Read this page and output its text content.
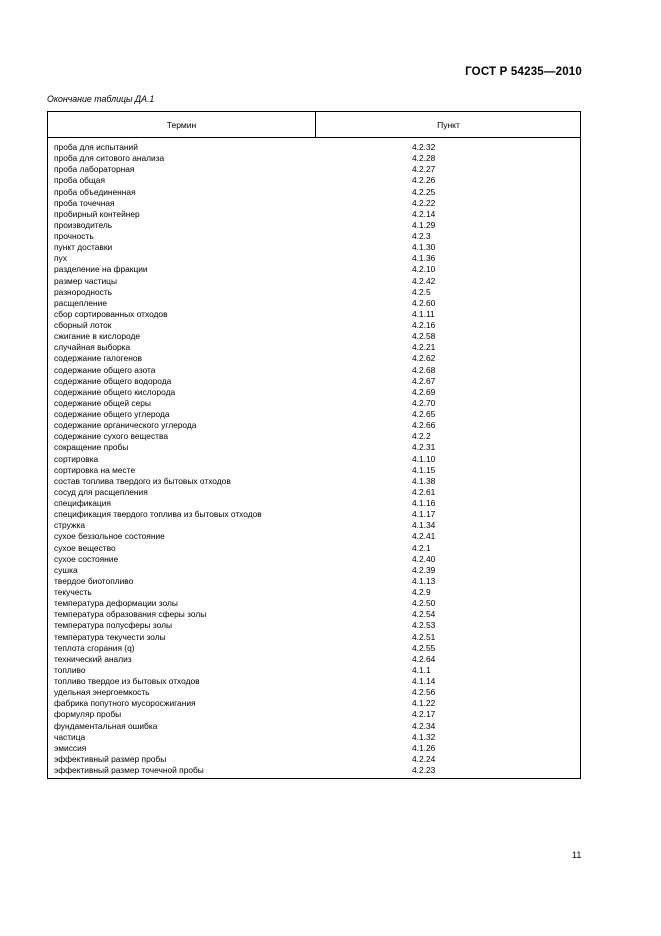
ГОСТ Р 54235—2010
Окончание таблицы ДА.1
Термин	Пункт
проба для испытаний	4.2.32
проба для ситового анализа	4.2.28
проба лабораторная	4.2.27
проба общая	4.2.26
проба объединенная	4.2.25
проба точечная	4.2.22
пробирный контейнер	4.2.14
производитель	4.1.29
прочность	4.2.3
пункт доставки	4.1.30
пух	4.1.36
разделение на фракции	4.2.10
размер частицы	4.2.42
разнородность	4.2.5
расщепление	4.2.60
сбор сортированных отходов	4.1.11
сборный лоток	4.2.16
сжигание в кислороде	4.2.58
случайная выборка	4.2.21
содержание галогенов	4.2.62
содержание общего азота	4.2.68
содержание общего водорода	4.2.67
содержание общего кислорода	4.2.69
содержание общей серы	4.2.70
содержание общего углерода	4.2.65
содержание органического углерода	4.2.66
содержание сухого вещества	4.2.2
сокращение пробы	4.2.31
сортировка	4.1.10
сортировка на месте	4.1.15
состав топлива твердого из бытовых отходов	4.1.38
сосуд для расщепления	4.2.61
спецификация	4.1.16
спецификация твердого топлива из бытовых отходов	4.1.17
стружка	4.1.34
сухое беззольное состояние	4.2.41
сухое вещество	4.2.1
сухое состояние	4.2.40
сушка	4.2.39
твердое биотопливо	4.1.13
текучесть	4.2.9
температура деформации золы	4.2.50
температура образования сферы золы	4.2.54
температура полусферы золы	4.2.53
температура текучести золы	4.2.51
теплота сгорания (q)	4.2.55
технический анализ	4.2.64
топливо	4.1.1
топливо твердое из бытовых отходов	4.1.14
удельная энергоемкость	4.2.56
фабрика попутного мусоросжигания	4.1.22
формуляр пробы	4.2.17
фундаментальная ошибка	4.2.34
частица	4.1.32
эмиссия	4.1.26
эффективный размер пробы	4.2.24
эффективный размер точечной пробы	4.2.23
11
